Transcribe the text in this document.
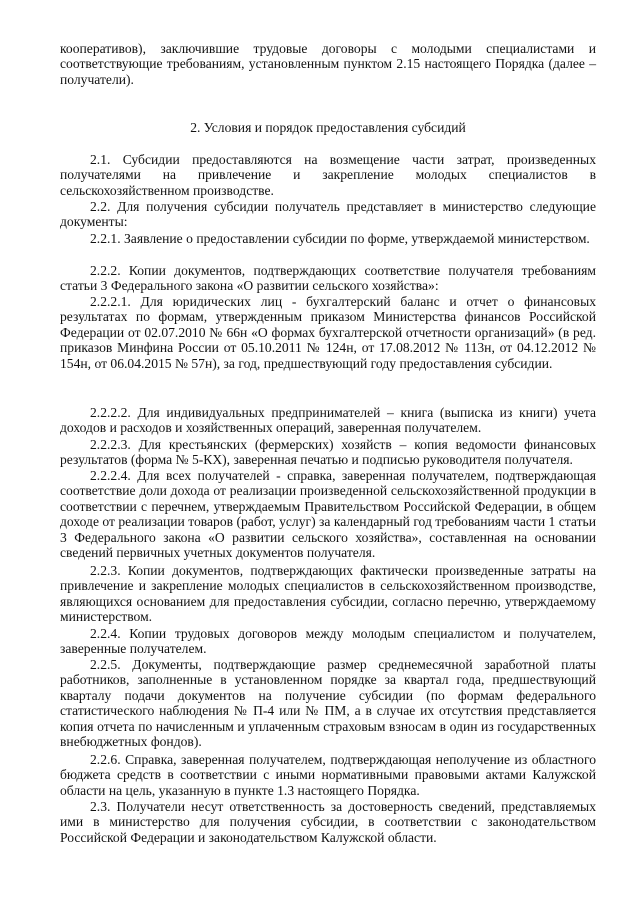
кооперативов), заключившие трудовые договоры с молодыми специалистами и соответствующие требованиям, установленным пунктом 2.15 настоящего Порядка (далее – получатели).

2. Условия и порядок предоставления субсидий

2.1. Субсидии предоставляются на возмещение части затрат, произведенных получателями на привлечение и закрепление молодых специалистов в сельскохозяйственном производстве.

2.2. Для получения субсидии получатель представляет в министерство следующие документы:

2.2.1. Заявление о предоставлении субсидии по форме, утверждаемой министерством.

2.2.2. Копии документов, подтверждающих соответствие получателя требованиям статьи 3 Федерального закона «О развитии сельского хозяйства»:

2.2.2.1. Для юридических лиц - бухгалтерский баланс и отчет о финансовых результатах по формам, утвержденным приказом Министерства финансов Российской Федерации от 02.07.2010 № 66н «О формах бухгалтерской отчетности организаций» (в ред. приказов Минфина России от 05.10.2011 № 124н, от 17.08.2012 № 113н, от 04.12.2012 № 154н, от 06.04.2015 № 57н), за год, предшествующий году предоставления субсидии.

2.2.2.2. Для индивидуальных предпринимателей – книга (выписка из книги) учета доходов и расходов и хозяйственных операций, заверенная получателем.

2.2.2.3. Для крестьянских (фермерских) хозяйств – копия ведомости финансовых результатов (форма № 5-КХ), заверенная печатью и подписью руководителя получателя.

2.2.2.4. Для всех получателей - справка, заверенная получателем, подтверждающая соответствие доли дохода от реализации произведенной сельскохозяйственной продукции в соответствии с перечнем, утверждаемым Правительством Российской Федерации, в общем доходе от реализации товаров (работ, услуг) за календарный год требованиям части 1 статьи 3 Федерального закона «О развитии сельского хозяйства», составленная на основании сведений первичных учетных документов получателя.

2.2.3. Копии документов, подтверждающих фактически произведенные затраты на привлечение и закрепление молодых специалистов в сельскохозяйственном производстве, являющихся основанием для предоставления субсидии, согласно перечню, утверждаемому министерством.

2.2.4. Копии трудовых договоров между молодым специалистом и получателем, заверенные получателем.

2.2.5. Документы, подтверждающие размер среднемесячной заработной платы работников, заполненные в установленном порядке за квартал года, предшествующий кварталу подачи документов на получение субсидии (по формам федерального статистического наблюдения № П-4 или № ПМ, а в случае их отсутствия представляется копия отчета по начисленным и уплаченным страховым взносам в один из государственных внебюджетных фондов).

2.2.6. Справка, заверенная получателем, подтверждающая неполучение из областного бюджета средств в соответствии с иными нормативными правовыми актами Калужской области на цель, указанную в пункте 1.3 настоящего Порядка.

2.3. Получатели несут ответственность за достоверность сведений, представляемых ими в министерство для получения субсидии, в соответствии с законодательством Российской Федерации и законодательством Калужской области.
